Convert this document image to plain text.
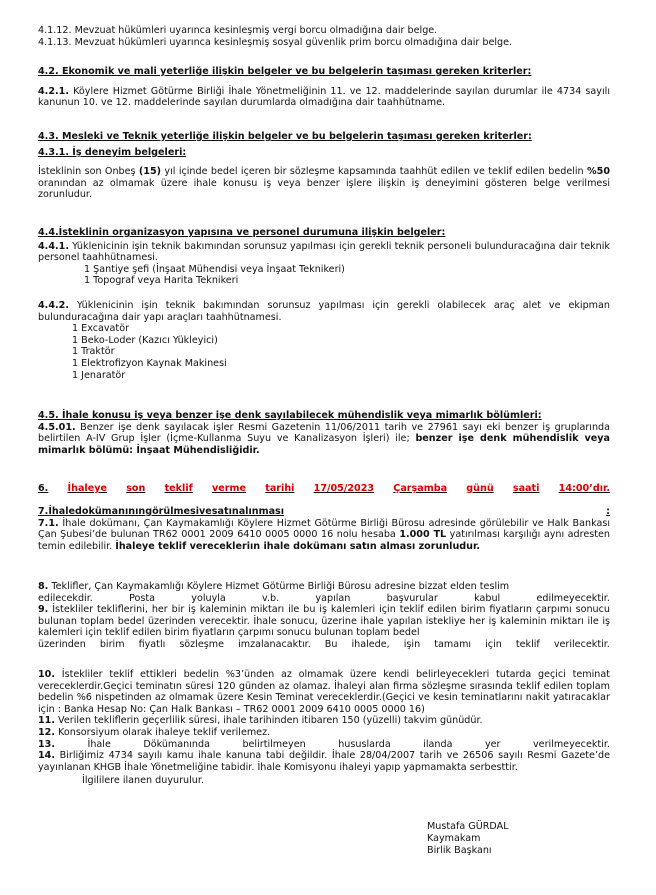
4.1.12. Mevzuat hükümleri uyarınca kesinleşmiş vergi borcu olmadığına dair belge.
4.1.13. Mevzuat hükümleri uyarınca kesinleşmiş sosyal güvenlik prim borcu olmadığına dair belge.
4.2. Ekonomik ve mali yeterliğe ilişkin belgeler ve bu belgelerin taşıması gereken kriterler:
4.2.1. Köylere Hizmet Götürme Birliği İhale Yönetmeliğinin 11. ve 12. maddelerinde sayılan durumlar ile 4734 sayılı kanunun 10. ve 12. maddelerinde sayılan durumlarda olmadığına dair taahhütname.
4.3. Mesleki ve Teknik yeterliğe ilişkin belgeler ve bu belgelerin taşıması gereken kriterler:
4.3.1. İş deneyim belgeleri:
İsteklinin son Onbeş (15) yıl içinde bedel içeren bir sözleşme kapsamında taahhüt edilen ve teklif edilen bedelin %50 oranından az olmamak üzere ihale konusu iş veya benzer işlere ilişkin iş deneyimini gösteren belge verilmesi zorunludur.
4.4.İsteklinin organizasyon yapısına ve personel durumuna ilişkin belgeler:
4.4.1. Yüklenicinin işin teknik bakımından sorunsuz yapılması için gerekli teknik personeli bulunduracağına dair teknik personel taahhütnamesi.
1 Şantiye şefi (İnşaat Mühendisi veya İnşaat Teknikeri)
1 Topograf veya Harita Teknikeri
4.4.2. Yüklenicinin işin teknik bakımından sorunsuz yapılması için gerekli olabilecek araç alet ve ekipman bulunduracağına dair yapı araçları taahhütnamesi.
1 Excavatör
1 Beko-Loder (Kazıcı Yükleyici)
1 Traktör
1 Elektrofizyon Kaynak Makinesi
1 Jenaratör
4.5. İhale konusu iş veya benzer işe denk sayılabilecek mühendislik veya mimarlık bölümleri:
4.5.01. Benzer işe denk sayılacak işler Resmi Gazetenin 11/06/2011 tarih ve 27961 sayı eki benzer iş gruplarında belirtilen A-IV Grup İşler (İçme-Kullanma Suyu ve Kanalizasyon İşleri) ile; benzer işe denk mühendislik veya mimarlık bölümü: İnşaat Mühendisliğidir.
6. İhaleye son teklif verme tarihi 17/05/2023 Çarşamba günü saati 14:00’dır.
7. İhale dokümanının görülmesi ve satın alınması	:
7.1. İhale dokümanı, Çan Kaymakamlığı Köylere Hizmet Götürme Birliği Bürosu adresinde görülebilir ve Halk Bankası Çan Şubesi’de bulunan TR62 0001 2009 6410 0005 0000 16 nolu hesaba 1.000 TL yatırılması karşılığı aynı adresten temin edilebilir. İhaleye teklif verecekleriın ihale dokümanı satın alması zorunludur.
8. Teklifler, Çan Kaymakamlığı Köylere Hizmet Götürme Birliği Bürosu adresine bizzat elden teslim
edilecekdir.	Posta	yoluyla	v.b.	yapılan	başvurular	kabul	edilmeyecektir.
9. İstekliler tekliflerini, her bir iş kaleminin miktarı ile bu iş kalemleri için teklif edilen birim fiyatların çarpımı sonucu bulunan toplam bedel üzerinden verecektir. İhale sonucu, üzerine ihale yapılan istekliye her iş kaleminin miktarı ile iş kalemleri için teklif edilen birim fiyatların çarpımı sonucu bulunan toplam bedel
üzerinden birim fiyatlı sözleşme imzalanacaktır. Bu ihalede, işin tamamı için teklif verilecektir.
10. İstekliler teklif ettikleri bedelin %3’ünden az olmamak üzere kendi belirleyecekleri tutarda geçici teminat verecekler​dir.Geçici teminatın süresi 120 günden az olamaz. İhaleyi alan firma sözleşme sırasında teklif edilen toplam bedelin %6 nispetinden az olmamak üzere Kesin Teminat verecekler​dir.(Geçici ve kesin teminatlarını nakit yatıracaklar için : Banka Hesap No: Çan Halk Bankası – TR62 0001 2009 6410 0005 0000 16)
11. Verilen tekliflerin geçerlilik süresi, ihale tarihinden itibaren 150 (yüzelli) takvim günüdür.
12. Konsorsiyum olarak ihaleye teklif verilemez.
13.	İhale	Dökümanında	belirtilmeyen	hususlarda	ilanda	yer	verilmeyecektir.
14. Birliğimiz 4734 sayılı kamu ihale kanuna tabi değildir. İhale 28/04/2007 tarih ve 26506 sayılı Resmi Gazete’de yayınlanan KHGB İhale Yönetmeliğine tabidir. İhale Komisyonu ihaleyi yapıp yapmamakta serbesttir.
İlgililere ilanen duyurulur.
Mustafa GÜRDAL
Kaymakam
Birlik Başkanı
